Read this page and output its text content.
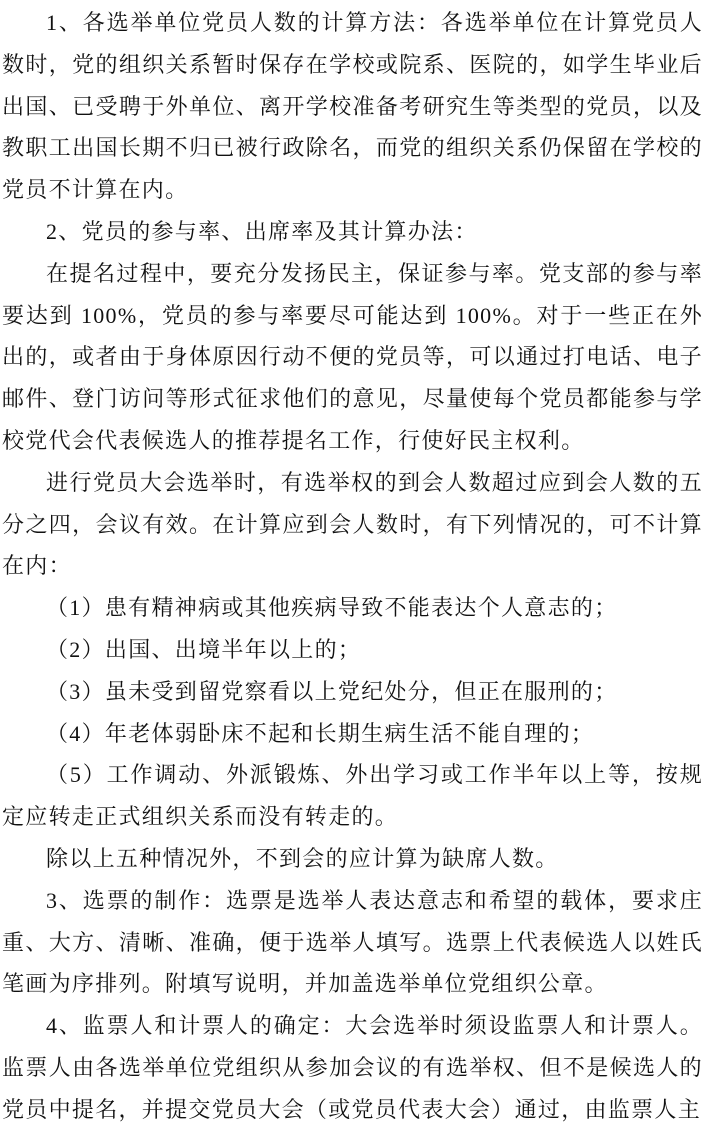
1、各选举单位党员人数的计算方法：各选举单位在计算党员人数时，党的组织关系暂时保存在学校或院系、医院的，如学生毕业后出国、已受聘于外单位、离开学校准备考研究生等类型的党员，以及教职工出国长期不归已被行政除名，而党的组织关系仍保留在学校的党员不计算在内。

2、党员的参与率、出席率及其计算办法：

在提名过程中，要充分发扬民主，保证参与率。党支部的参与率要达到 100%，党员的参与率要尽可能达到 100%。对于一些正在外出的，或者由于身体原因行动不便的党员等，可以通过打电话、电子邮件、登门访问等形式征求他们的意见，尽量使每个党员都能参与学校党代会代表候选人的推荐提名工作，行使好民主权利。

进行党员大会选举时，有选举权的到会人数超过应到会人数的五分之四，会议有效。在计算应到会人数时，有下列情况的，可不计算在内：

（1）患有精神病或其他疾病导致不能表达个人意志的；

（2）出国、出境半年以上的；

（3）虽未受到留党察看以上党纪处分，但正在服刑的；

（4）年老体弱卧床不起和长期生病生活不能自理的；

（5）工作调动、外派锻炼、外出学习或工作半年以上等，按规定应转走正式组织关系而没有转走的。

除以上五种情况外，不到会的应计算为缺席人数。

3、选票的制作：选票是选举人表达意志和希望的载体，要求庄重、大方、清晰、准确，便于选举人填写。选票上代表候选人以姓氏笔画为序排列。附填写说明，并加盖选举单位党组织公章。

4、监票人和计票人的确定：大会选举时须设监票人和计票人。监票人由各选举单位党组织从参加会议的有选举权、但不是候选人的党员中提名，并提交党员大会（或党员代表大会）通过，由监票人主
